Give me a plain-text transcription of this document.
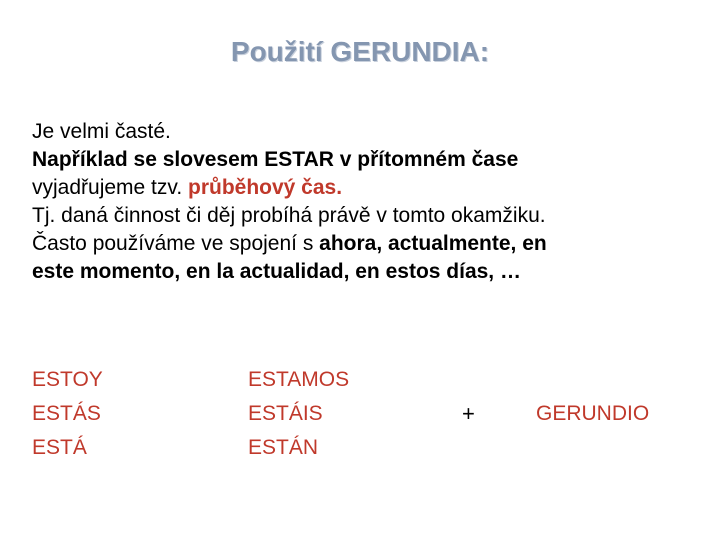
Použití GERUNDIA:

Je velmi časté.

Například se slovesem ESTAR v přítomném čase

vyjadřujeme tzv. průběhový čas.

Tj. daná činnost či děj probíhá právě v tomto okamžiku.

Často používáme ve spojení s ahora, actualmente, en

este momento, en la actualidad, en estos días, …

ESTOY
ESTÁS
ESTÁ
ESTAMOS
ESTÁIS
ESTÁN
+	GERUNDIO
